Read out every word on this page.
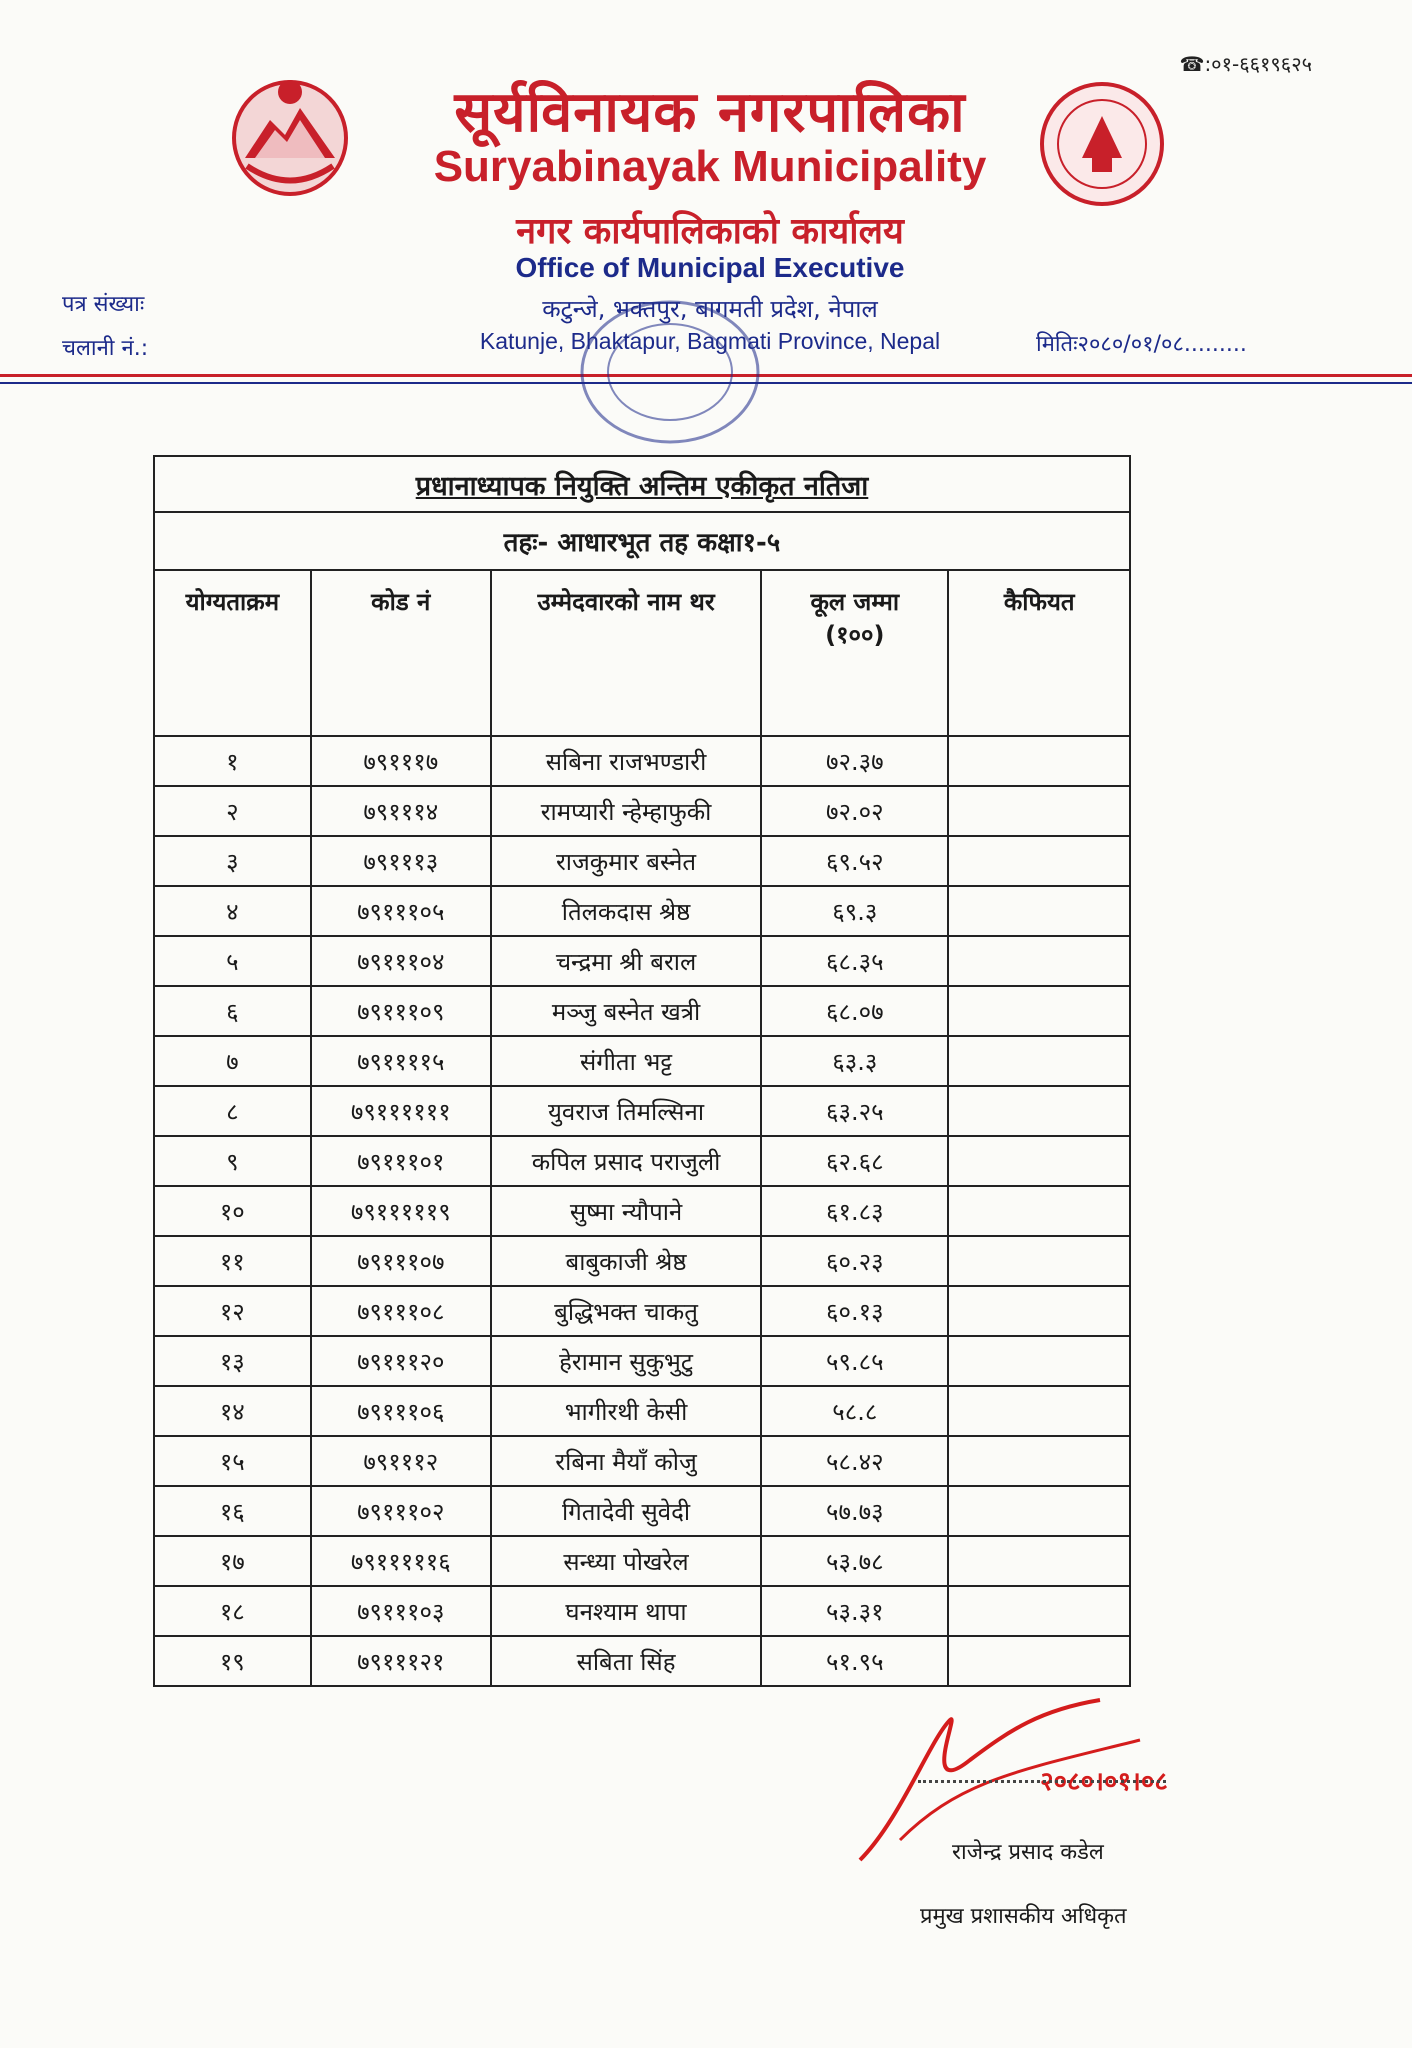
☎:०१-६६१९६२५
सूर्यविनायक नगरपालिका
Suryabinayak Municipality
नगर कार्यपालिकाको कार्यालय
Office of Municipal Executive
कटुन्जे, भक्तपुर, बागमती प्रदेश, नेपाल
Katunje, Bhaktapur, Bagmati Province, Nepal
पत्र संख्याः
चलानी नं.:	मितिः२०८०/०१/०८.........
प्रधानाध्यापक नियुक्ति अन्तिम एकीकृत नतिजा				
तहः- आधारभूत तह कक्षा१-५				
योग्यताक्रम	कोड नं	उम्मेदवारको नाम थर	कूल जम्मा
(१००)	कैफियत
१	७९१११७	सबिना राजभण्डारी	७२.३७	
२	७९१११४	रामप्यारी न्हेम्हाफुकी	७२.०२	
३	७९१११३	राजकुमार बस्नेत	६९.५२	
४	७९१११०५	तिलकदास श्रेष्ठ	६९.३	
५	७९१११०४	चन्द्रमा श्री बराल	६८.३५	
६	७९१११०९	मञ्जु बस्नेत खत्री	६८.०७	
७	७९११११५	संगीता भट्ट	६३.३	
८	७९११११११	युवराज तिमल्सिना	६३.२५	
९	७९१११०१	कपिल प्रसाद पराजुली	६२.६८	
१०	७९१११११९	सुष्मा न्यौपाने	६१.८३	
११	७९१११०७	बाबुकाजी श्रेष्ठ	६०.२३	
१२	७९१११०८	बुद्धिभक्त चाकतु	६०.१३	
१३	७९१११२०	हेरामान सुकुभुटु	५९.८५	
१४	७९१११०६	भागीरथी केसी	५८.८	
१५	७९१११२	रबिना मैयाँ कोजु	५८.४२	
१६	७९१११०२	गितादेवी सुवेदी	५७.७३	
१७	७९१११११६	सन्ध्या पोखरेल	५३.७८	
१८	७९१११०३	घनश्याम थापा	५३.३१	
१९	७९१११२१	सबिता सिंह	५१.९५	
२०८०।०१।०८
राजेन्द्र प्रसाद कडेल
प्रमुख प्रशासकीय अधिकृत
